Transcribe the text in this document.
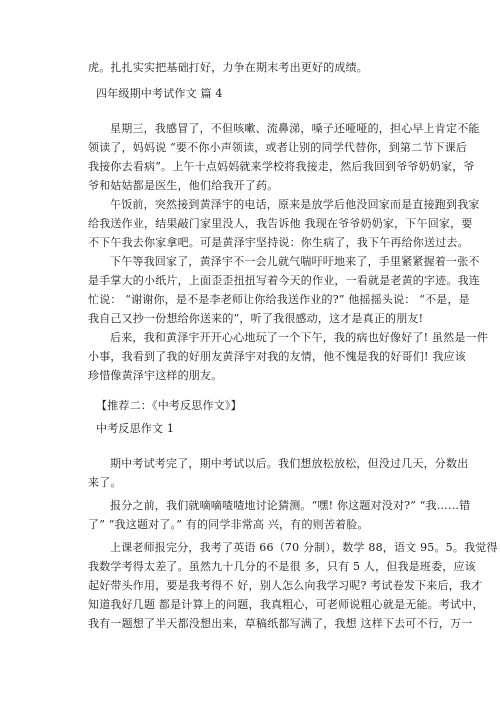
虎。扎扎实实把基础打好，力争在期末考出更好的成绩。
四年级期中考试作文 篇 4
星期三，我感冒了，不但咳嗽、流鼻涕，嗓子还哑哑的，担心早上肯定不能
领读了，妈妈说 “要不你小声领读，或者让别的同学代替你，到第二节下课后
我接你去看病”。上午十点妈妈就来学校将我接走，然后我回到爷爷奶奶家，爷
爷和姑姑都是医生，他们给我开了药。
午饭前，突然接到黄泽宇的电话，原来是放学后他没回家而是直接跑到我家
给我送作业，结果敲门家里没人，我告诉他 我现在爷爷奶奶家，下午回家，要
不下午我去你家拿吧。可是黄泽宇坚持说：你生病了，我下午再给你送过去。
下午等我回家了，黄泽宇不一会儿就气喘吁吁地来了，手里紧紧握着一张不
是手掌大的小纸片，上面歪歪扭扭写着今天的作业，一看就是老黄的字迹。我连
忙说： “谢谢你，是不是李老师让你给我送作业的?” 他摇摇头说： “不是，是
我自己又抄一份想给你送来的”，听了我很感动，这才是真正的朋友!
后来，我和黄泽宇开开心心地玩了一个下午，我的病也好像好了! 虽然是一件
小事，我看到了我的好朋友黄泽宇对我的友情，他不愧是我的好哥们! 我应该
珍惜像黄泽宇这样的朋友。
【推荐二：《中考反思作文》】
中考反思作文 1
期中考试考完了，期中考试以后。我们想放松放松，但没过几天，分数出
来了。
报分之前，我们就嘀嘀喳喳地讨论猜测。“嘿! 你这题对没对?” “我……错
了” “我这题对了。” 有的同学非常高 兴，有的则苦着脸。
上课老师报完分，我考了英语 66（70 分制），数学 88，语文 95。5。我觉得
我数学考得太差了。虽然九十几分的不是很 多，只有 5 人，但我是班委，应该
起好带头作用，要是我考得不 好，别人怎么向我学习呢? 考试卷发下来后，我才
知道我好几题 都是计算上的问题，我真粗心，可老师说粗心就是无能。考试中，
我有一题想了半天都没想出来，草稿纸都写满了，我想 这样下去可不行，万一
